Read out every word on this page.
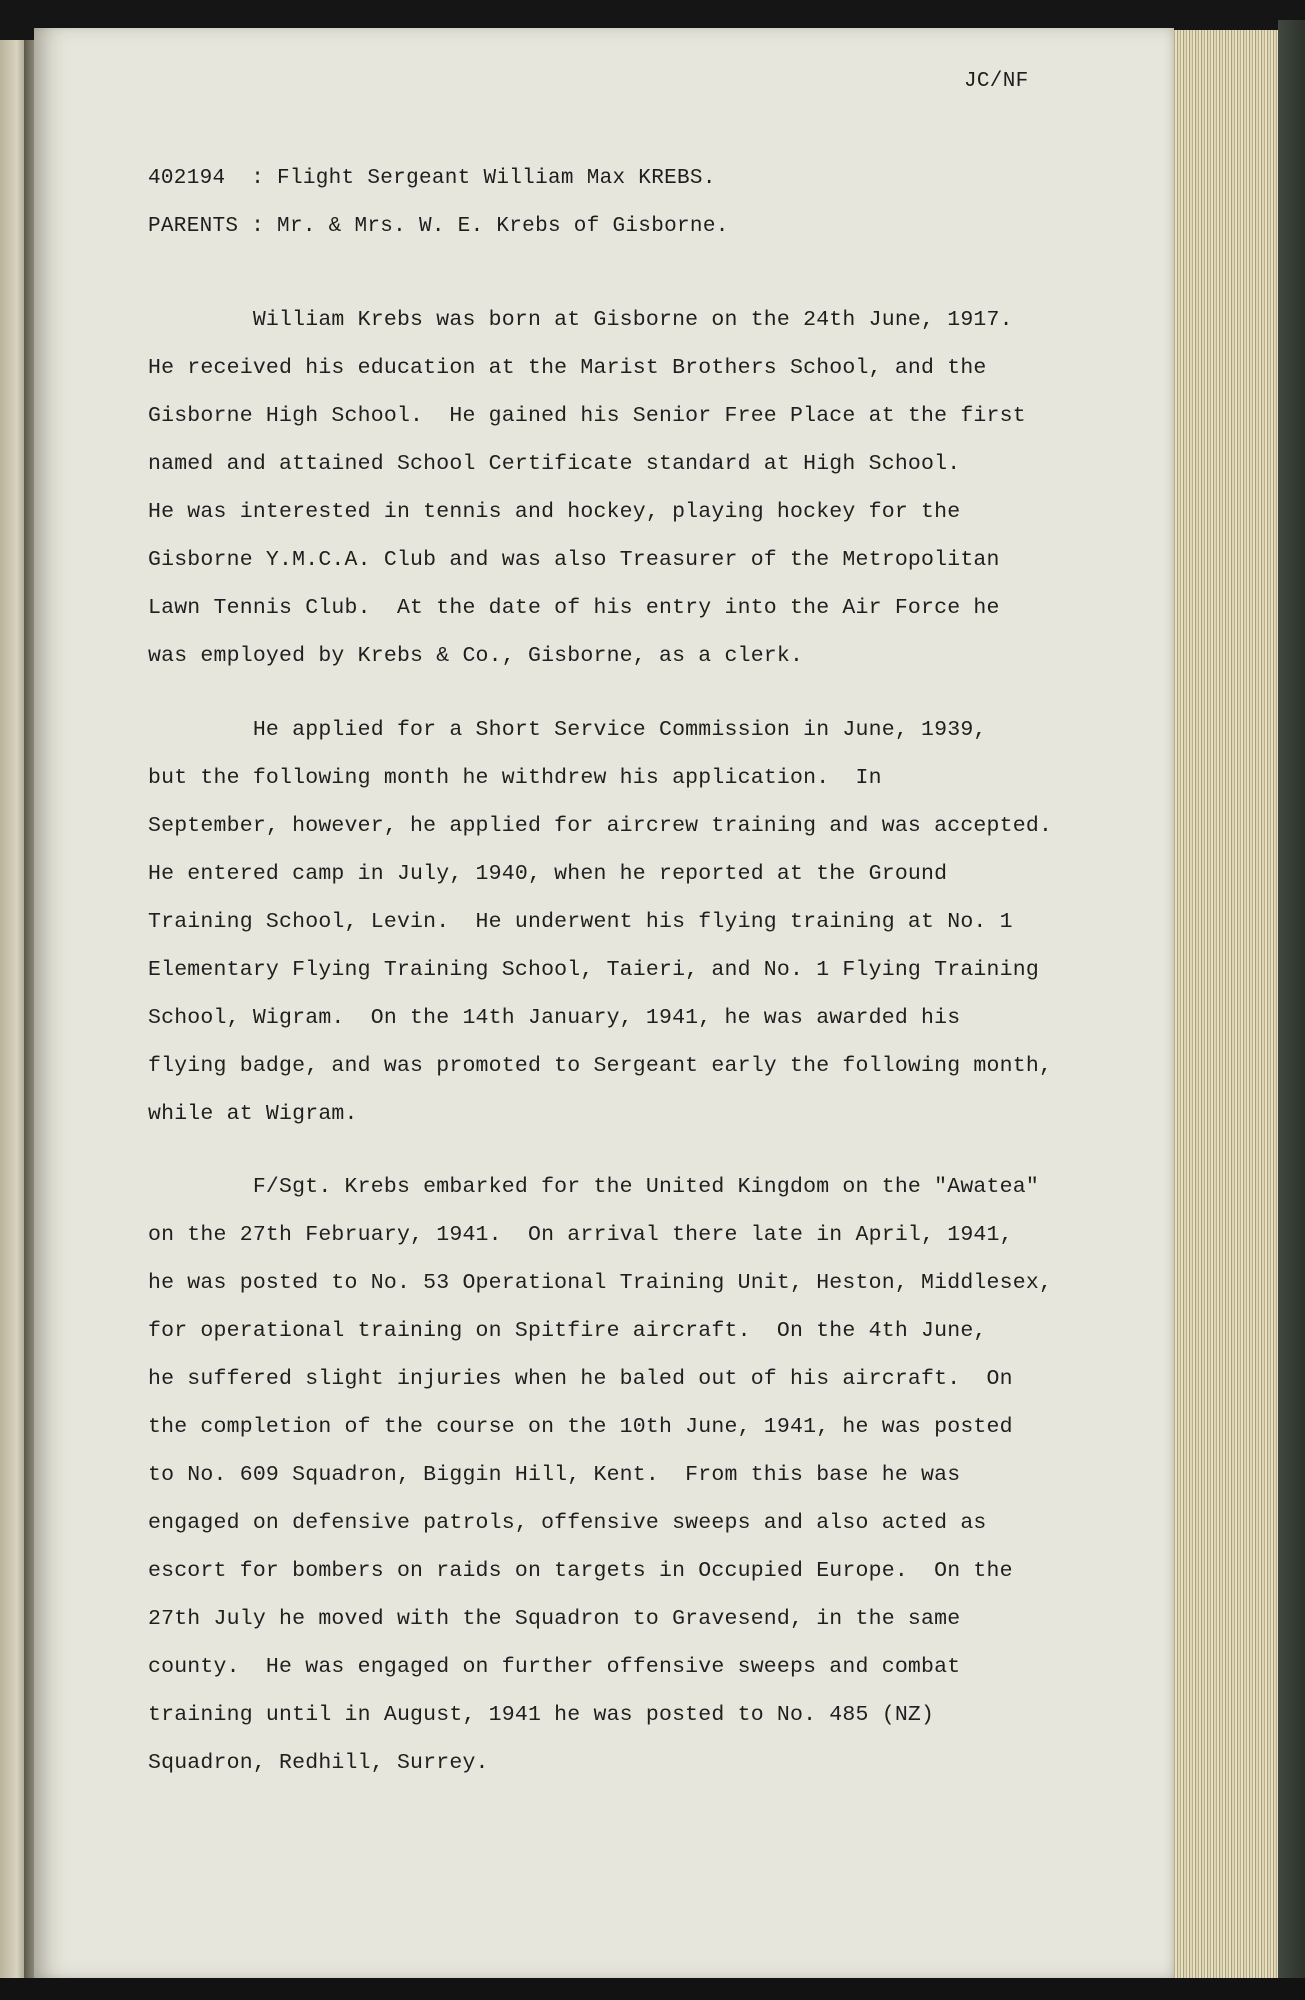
JC/NF
402194 : Flight Sergeant William Max KREBS.
PARENTS : Mr. & Mrs. W. E. Krebs of Gisborne.
William Krebs was born at Gisborne on the 24th June, 1917.
He received his education at the Marist Brothers School, and the
Gisborne High School.  He gained his Senior Free Place at the first
named and attained School Certificate standard at High School.
He was interested in tennis and hockey, playing hockey for the
Gisborne Y.M.C.A. Club and was also Treasurer of the Metropolitan
Lawn Tennis Club.  At the date of his entry into the Air Force he
was employed by Krebs & Co., Gisborne, as a clerk.
He applied for a Short Service Commission in June, 1939,
but the following month he withdrew his application.  In
September, however, he applied for aircrew training and was accepted.
He entered camp in July, 1940, when he reported at the Ground
Training School, Levin.  He underwent his flying training at No. 1
Elementary Flying Training School, Taieri, and No. 1 Flying Training
School, Wigram.  On the 14th January, 1941, he was awarded his
flying badge, and was promoted to Sergeant early the following month,
while at Wigram.
F/Sgt. Krebs embarked for the United Kingdom on the "Awatea"
on the 27th February, 1941.  On arrival there late in April, 1941,
he was posted to No. 53 Operational Training Unit, Heston, Middlesex,
for operational training on Spitfire aircraft.  On the 4th June,
he suffered slight injuries when he baled out of his aircraft.  On
the completion of the course on the 10th June, 1941, he was posted
to No. 609 Squadron, Biggin Hill, Kent.  From this base he was
engaged on defensive patrols, offensive sweeps and also acted as
escort for bombers on raids on targets in Occupied Europe.  On the
27th July he moved with the Squadron to Gravesend, in the same
county.  He was engaged on further offensive sweeps and combat
training until in August, 1941 he was posted to No. 485 (NZ)
Squadron, Redhill, Surrey.
